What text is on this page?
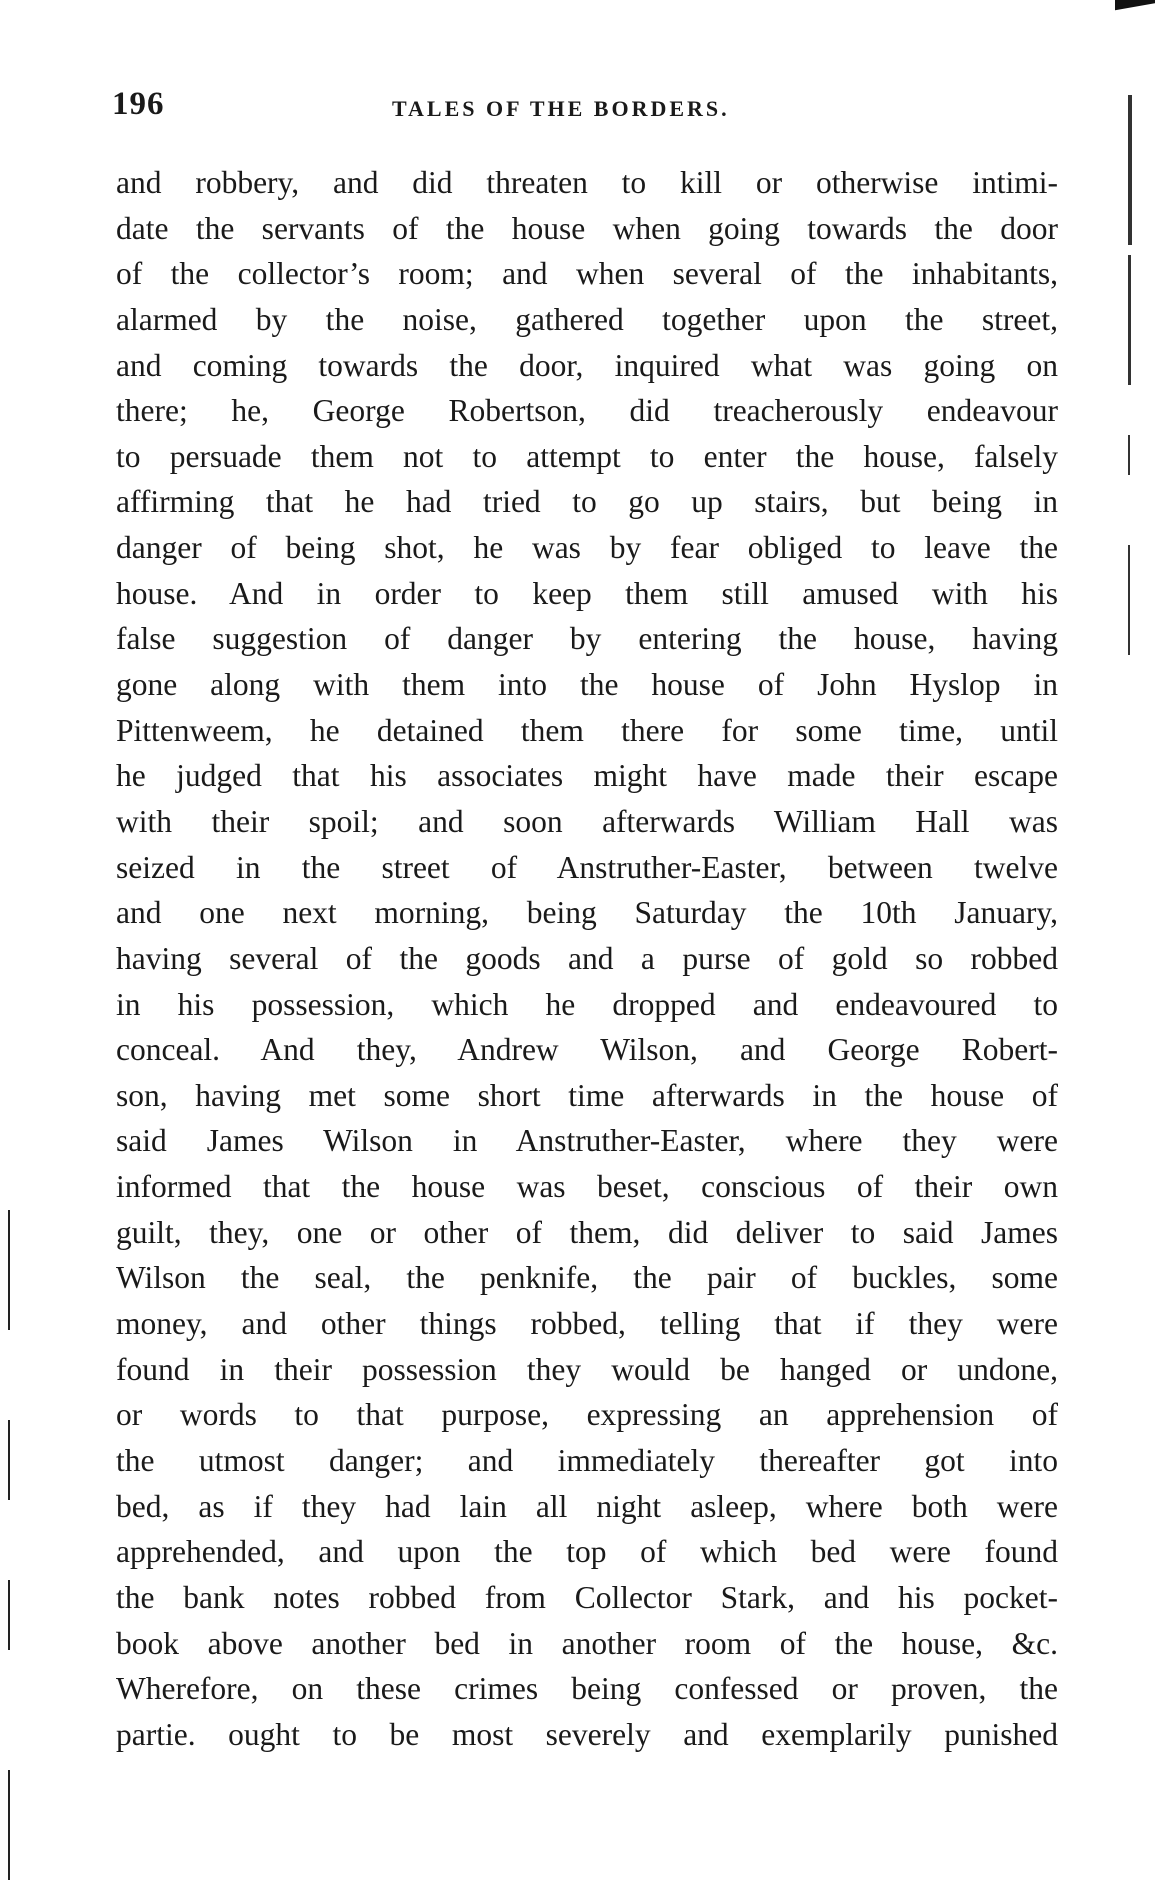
196	TALES OF THE BORDERS.
and robbery, and did threaten to kill or otherwise intimi-
date the servants of the house when going towards the door
of the collector’s room; and when several of the inhabitants,
alarmed by the noise, gathered together upon the street,
and coming towards the door, inquired what was going on
there; he, George Robertson, did treacherously endeavour
to persuade them not to attempt to enter the house, falsely
affirming that he had tried to go up stairs, but being in
danger of being shot, he was by fear obliged to leave the
house. And in order to keep them still amused with his
false suggestion of danger by entering the house, having
gone along with them into the house of John Hyslop in
Pittenweem, he detained them there for some time, until
he judged that his associates might have made their escape
with their spoil; and soon afterwards William Hall was
seized in the street of Anstruther-Easter, between twelve
and one next morning, being Saturday the 10th January,
having several of the goods and a purse of gold so robbed
in his possession, which he dropped and endeavoured to
conceal. And they, Andrew Wilson, and George Robert-
son, having met some short time afterwards in the house of
said James Wilson in Anstruther-Easter, where they were
informed that the house was beset, conscious of their own
guilt, they, one or other of them, did deliver to said James
Wilson the seal, the penknife, the pair of buckles, some
money, and other things robbed, telling that if they were
found in their possession they would be hanged or undone,
or words to that purpose, expressing an apprehension of
the utmost danger; and immediately thereafter got into
bed, as if they had lain all night asleep, where both were
apprehended, and upon the top of which bed were found
the bank notes robbed from Collector Stark, and his pocket-
book above another bed in another room of the house, &c.
Wherefore, on these crimes being confessed or proven, the
partie. ought to be most severely and exemplarily punished
